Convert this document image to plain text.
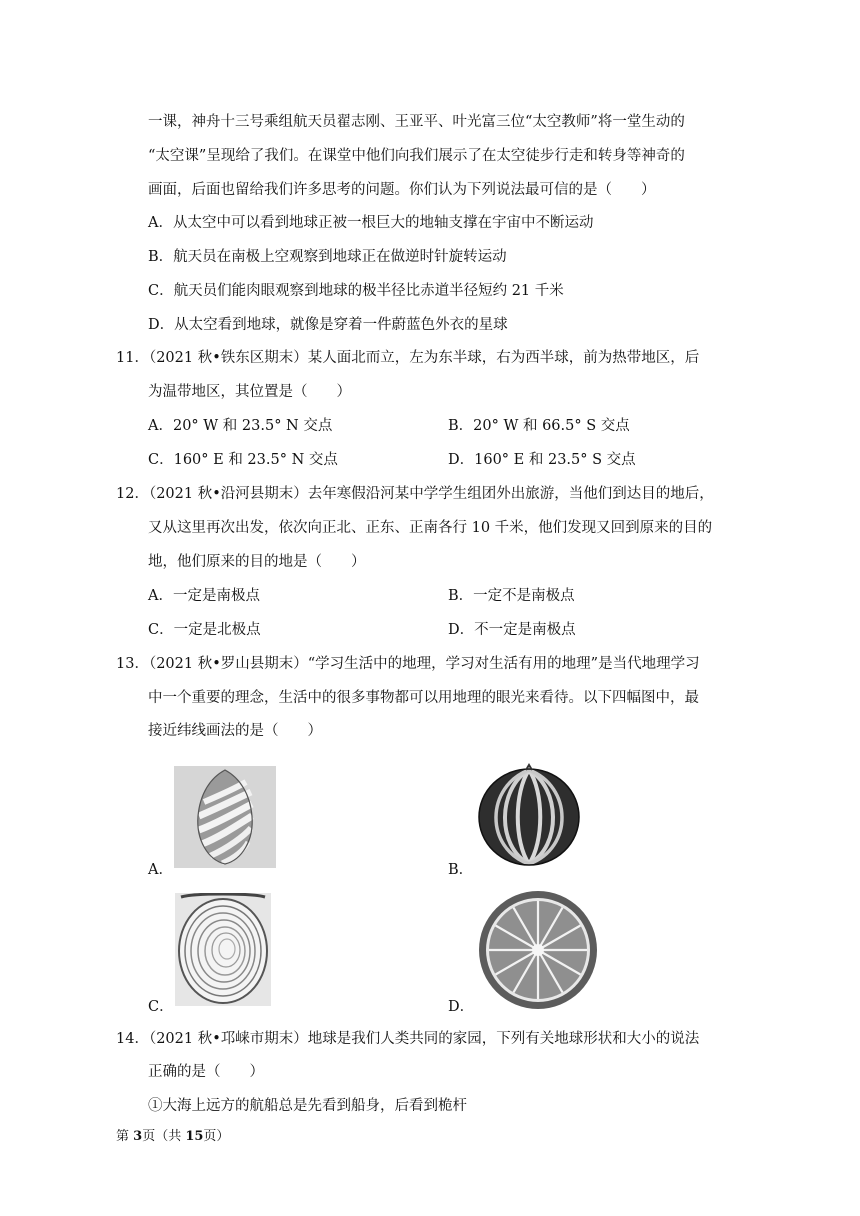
一课，神舟十三号乘组航天员翟志刚、王亚平、叶光富三位“太空教师”将一堂生动的
“太空课”呈现给了我们。在课堂中他们向我们展示了在太空徒步行走和转身等神奇的
画面，后面也留给我们许多思考的问题。你们认为下列说法最可信的是（　　）
A．从太空中可以看到地球正被一根巨大的地轴支撑在宇宙中不断运动
B．航天员在南极上空观察到地球正在做逆时针旋转运动
C．航天员们能肉眼观察到地球的极半径比赤道半径短约 21 千米
D．从太空看到地球，就像是穿着一件蔚蓝色外衣的星球
11．（2021 秋•铁东区期末）某人面北而立，左为东半球，右为西半球，前为热带地区，后
为温带地区，其位置是（　　）
A．20° W 和 23.5° N 交点	B．20° W 和 66.5° S 交点
C．160° E 和 23.5° N 交点	D．160° E 和 23.5° S 交点
12．（2021 秋•沿河县期末）去年寒假沿河某中学学生组团外出旅游，当他们到达目的地后，
又从这里再次出发，依次向正北、正东、正南各行 10 千米，他们发现又回到原来的目的
地，他们原来的目的地是（　　）
A．一定是南极点	B．一定不是南极点
C．一定是北极点	D．不一定是南极点
13．（2021 秋•罗山县期末）“学习生活中的地理，学习对生活有用的地理”是当代地理学习
中一个重要的理念，生活中的很多事物都可以用地理的眼光来看待。以下四幅图中，最
接近纬线画法的是（　　）
A．	B．
C．	D．
14．（2021 秋•邛崃市期末）地球是我们人类共同的家园，下列有关地球形状和大小的说法
正确的是（　　）
①大海上远方的航船总是先看到船身，后看到桅杆
第 3页（共 15页）
